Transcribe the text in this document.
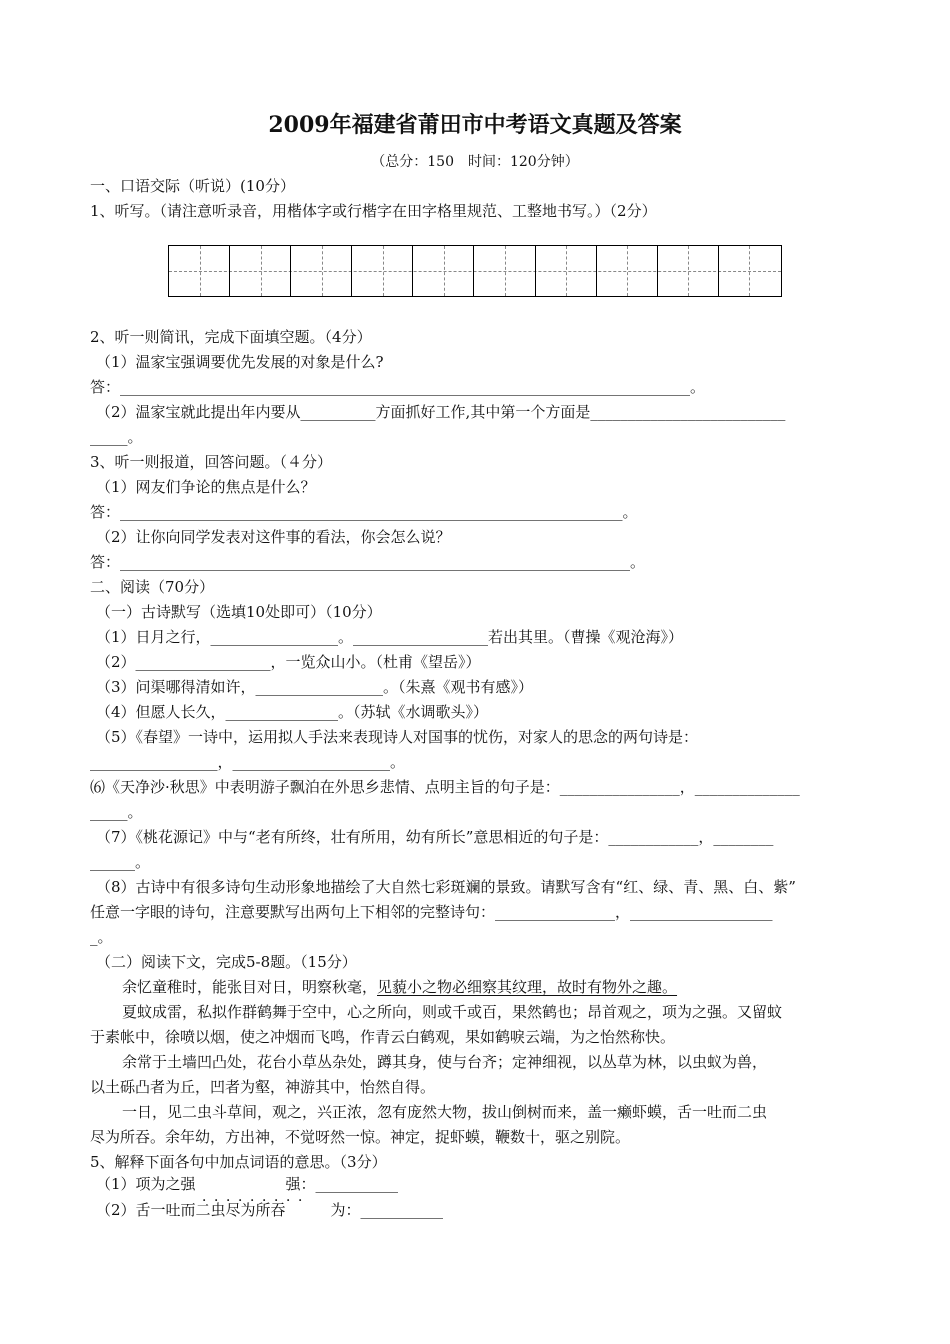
2009年福建省莆田市中考语文真题及答案
（总分：150　时间：120分钟）
一、口语交际（听说）(10分）
1、听写。（请注意听录音，用楷体字或行楷字在田字格里规范、工整地书写。）（2分）
2、听一则简讯，完成下面填空题。（4分）
（1）温家宝强调要优先发展的对象是什么?
答：____________________________________________________________________________。
（2）温家宝就此提出年内要从__________方面抓好工作,其中第一个方面是__________________________
_____。
3、听一则报道，回答问题。（４分）
（1）网友们争论的焦点是什么？
答：___________________________________________________________________。
（2）让你向同学发表对这件事的看法，你会怎么说？
答：____________________________________________________________________。
二、阅读（70分）
（一）古诗默写（选填10处即可）（10分）
（1）日月之行，_________________。__________________若出其里。（曹操《观沧海》）
（2）__________________，一览众山小。（杜甫《望岳》）
（3）问渠哪得清如许，_________________。（朱熹《观书有感》）
（4）但愿人长久，_______________。（苏轼《水调歌头》）
（5）《春望》一诗中，运用拟人手法来表现诗人对国事的忧伤，对家人的思念的两句诗是：
_________________，_____________________。
⑹《天净沙·秋思》中表明游子飘泊在外思乡悲情、点明主旨的句子是：________________，______________
_____。
（7）《桃花源记》中与“老有所终，壮有所用，幼有所长”意思相近的句子是：____________，________
______。
（8）古诗中有很多诗句生动形象地描绘了大自然七彩斑斓的景致。请默写含有“红、绿、青、黑、白、紫”
任意一字眼的诗句，注意要默写出两句上下相邻的完整诗句：________________，___________________
_。
（二）阅读下文，完成5-8题。（15分）
余忆童稚时，能张目对日，明察秋毫，见藐小之物必细察其纹理，故时有物外之趣。
夏蚊成雷，私拟作群鹤舞于空中，心之所向，则或千或百，果然鹤也；昂首观之，项为之强。又留蚊
于素帐中，徐喷以烟，使之冲烟而飞鸣，作青云白鹤观，果如鹤唳云端，为之怡然称快。
余常于土墙凹凸处，花台小草丛杂处，蹲其身，使与台齐；定神细视，以丛草为林，以虫蚁为兽，
以土砾凸者为丘，凹者为壑，神游其中，怡然自得。
一日，见二虫斗草间，观之，兴正浓，忽有庞然大物，拔山倒树而来，盖一癞虾蟆，舌一吐而二虫
尽为所吞。余年幼，方出神，不觉呀然一惊。神定，捉虾蟆，鞭数十，驱之别院。
5、解释下面各句中加点词语的意思。（3分）
（1）项为之强　　　　　　强：___________
．．．．．．．．．
（2）舌一吐而二虫尽为所吞　　　为：___________
